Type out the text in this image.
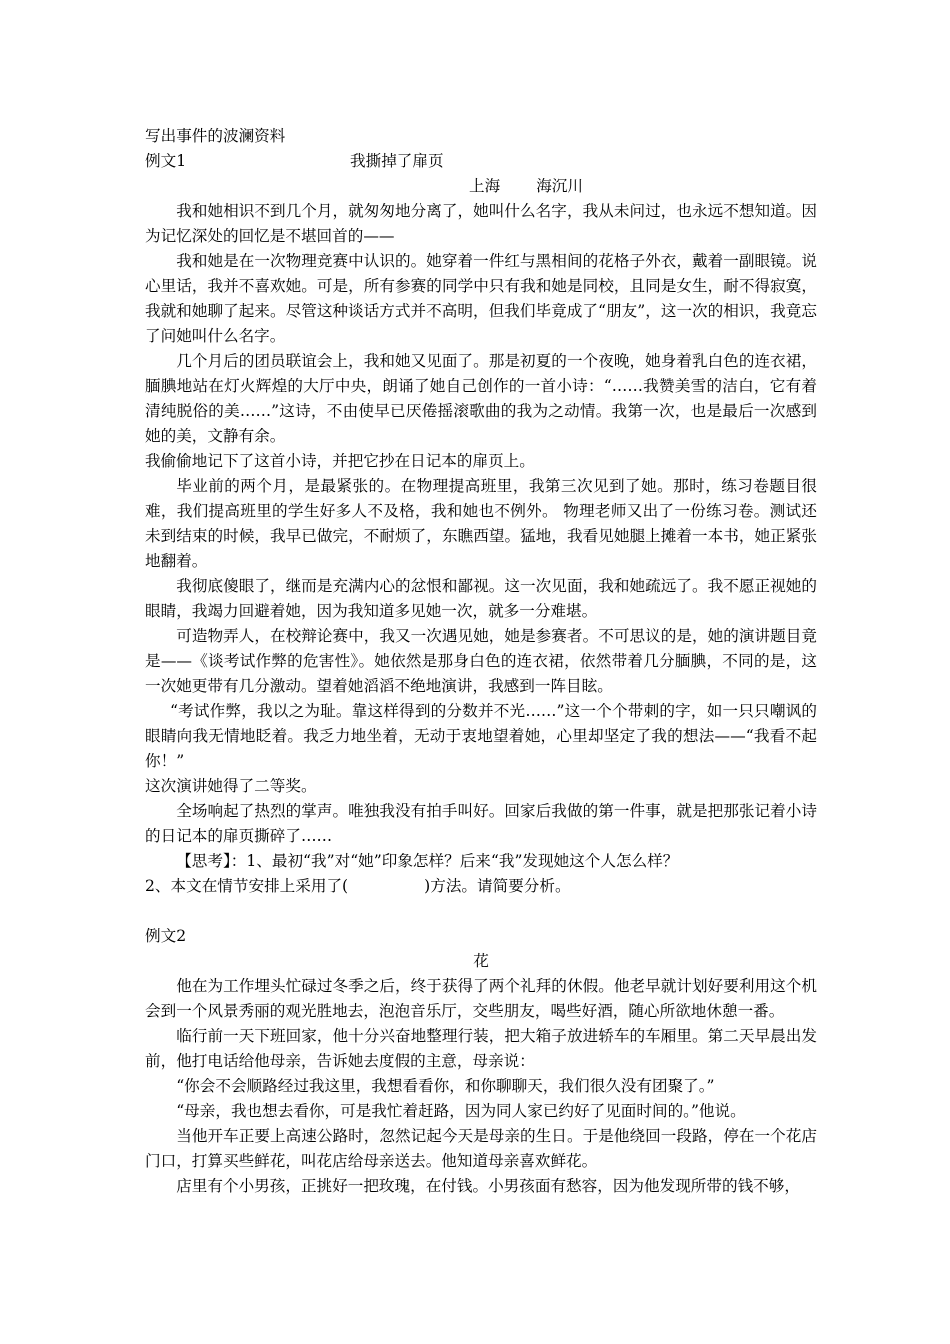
写出事件的波澜资料

例文1	我撕掉了扉页

上海 海沉川

我和她相识不到几个月，就匆匆地分离了，她叫什么名字，我从未问过，也永远不想知道。因为记忆深处的回忆是不堪回首的——

我和她是在一次物理竞赛中认识的。她穿着一件红与黑相间的花格子外衣，戴着一副眼镜。说心里话，我并不喜欢她。可是，所有参赛的同学中只有我和她是同校，且同是女生，耐不得寂寞，我就和她聊了起来。尽管这种谈话方式并不高明，但我们毕竟成了“朋友”，这一次的相识，我竟忘了问她叫什么名字。

几个月后的团员联谊会上，我和她又见面了。那是初夏的一个夜晚，她身着乳白色的连衣裙，腼腆地站在灯火辉煌的大厅中央，朗诵了她自己创作的一首小诗：“……我赞美雪的洁白，它有着清纯脱俗的美……”这诗，不由使早已厌倦摇滚歌曲的我为之动情。我第一次，也是最后一次感到她的美，文静有余。

我偷偷地记下了这首小诗，并把它抄在日记本的扉页上。

毕业前的两个月，是最紧张的。在物理提高班里，我第三次见到了她。那时，练习卷题目很难，我们提高班里的学生好多人不及格，我和她也不例外。 物理老师又出了一份练习卷。测试还未到结束的时候，我早已做完，不耐烦了，东瞧西望。猛地，我看见她腿上摊着一本书，她正紧张地翻着。

我彻底傻眼了，继而是充满内心的忿恨和鄙视。这一次见面，我和她疏远了。我不愿正视她的眼睛，我竭力回避着她，因为我知道多见她一次，就多一分难堪。

可造物弄人，在校辩论赛中，我又一次遇见她，她是参赛者。不可思议的是，她的演讲题目竟是——《谈考试作弊的危害性》。她依然是那身白色的连衣裙，依然带着几分腼腆，不同的是，这一次她更带有几分激动。望着她滔滔不绝地演讲，我感到一阵目眩。

“考试作弊，我以之为耻。靠这样得到的分数并不光……”这一个个带刺的字，如一只只嘲讽的眼睛向我无情地眨着。我乏力地坐着，无动于衷地望着她，心里却坚定了我的想法——“我看不起你！”

这次演讲她得了二等奖。

全场响起了热烈的掌声。唯独我没有拍手叫好。回家后我做的第一件事，就是把那张记着小诗的日记本的扉页撕碎了……

【思考】：1、最初“我”对“她”印象怎样？后来“我”发现她这个人怎么样？

2、本文在情节安排上采用了(	)方法。请简要分析。

例文2

花

他在为工作埋头忙碌过冬季之后，终于获得了两个礼拜的休假。他老早就计划好要利用这个机会到一个风景秀丽的观光胜地去，泡泡音乐厅，交些朋友，喝些好酒，随心所欲地休憩一番。

临行前一天下班回家，他十分兴奋地整理行装，把大箱子放进轿车的车厢里。第二天早晨出发前，他打电话给他母亲，告诉她去度假的主意，母亲说：

“你会不会顺路经过我这里，我想看看你，和你聊聊天，我们很久没有团聚了。”

“母亲，我也想去看你，可是我忙着赶路，因为同人家已约好了见面时间的。”他说。

当他开车正要上高速公路时，忽然记起今天是母亲的生日。于是他绕回一段路，停在一个花店门口，打算买些鲜花，叫花店给母亲送去。他知道母亲喜欢鲜花。

店里有个小男孩，正挑好一把玫瑰，在付钱。小男孩面有愁容，因为他发现所带的钱不够，
